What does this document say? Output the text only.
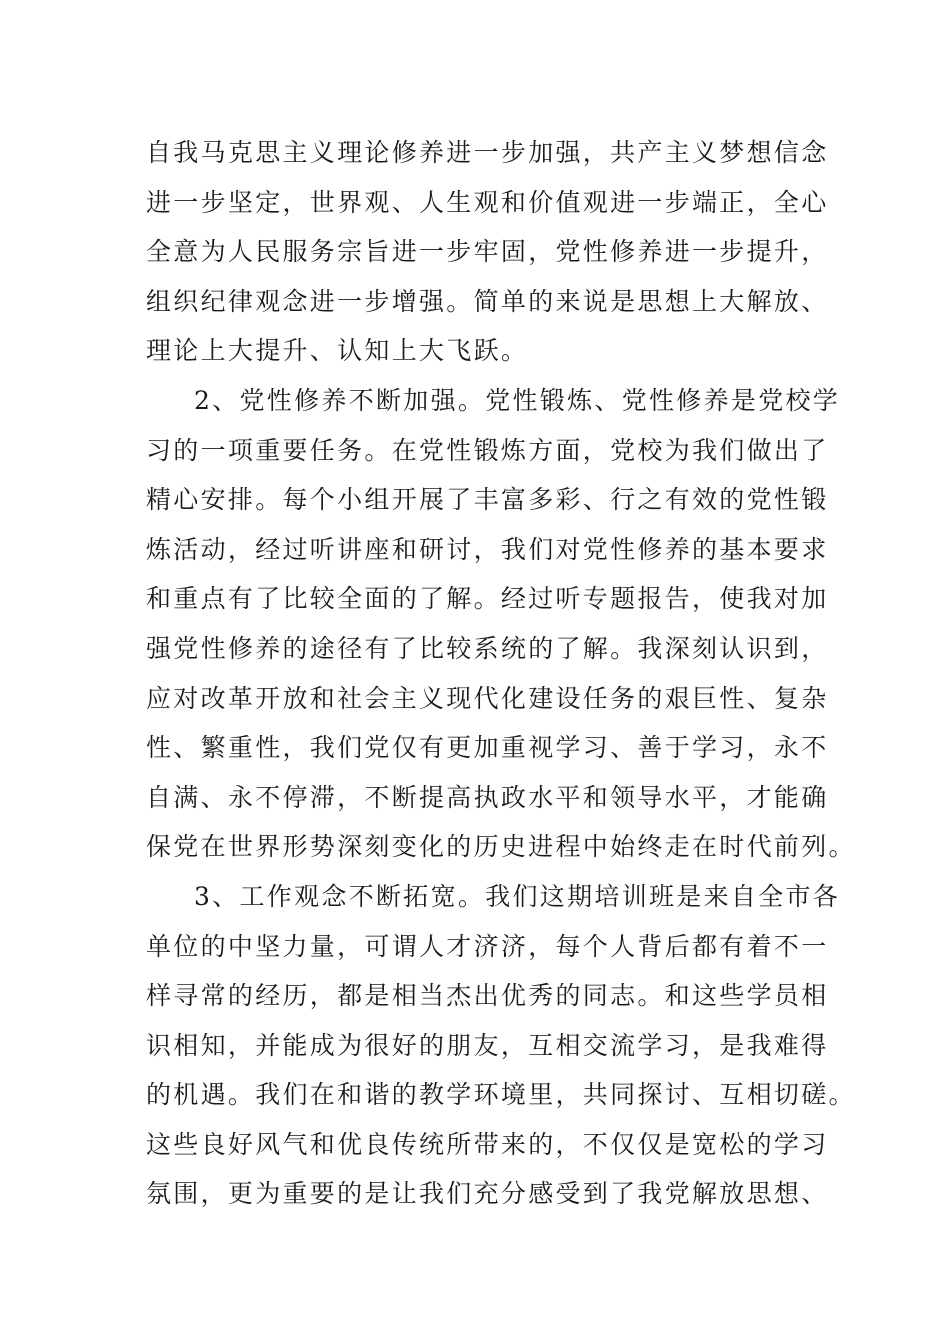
自我马克思主义理论修养进一步加强，共产主义梦想信念
进一步坚定，世界观、人生观和价值观进一步端正，全心
全意为人民服务宗旨进一步牢固，党性修养进一步提升，
组织纪律观念进一步增强。简单的来说是思想上大解放、
理论上大提升、认知上大飞跃。
2、党性修养不断加强。党性锻炼、党性修养是党校学
习的一项重要任务。在党性锻炼方面，党校为我们做出了
精心安排。每个小组开展了丰富多彩、行之有效的党性锻
炼活动，经过听讲座和研讨，我们对党性修养的基本要求
和重点有了比较全面的了解。经过听专题报告，使我对加
强党性修养的途径有了比较系统的了解。我深刻认识到，
应对改革开放和社会主义现代化建设任务的艰巨性、复杂
性、繁重性，我们党仅有更加重视学习、善于学习，永不
自满、永不停滞，不断提高执政水平和领导水平，才能确
保党在世界形势深刻变化的历史进程中始终走在时代前列。
3、工作观念不断拓宽。我们这期培训班是来自全市各
单位的中坚力量，可谓人才济济，每个人背后都有着不一
样寻常的经历，都是相当杰出优秀的同志。和这些学员相
识相知，并能成为很好的朋友，互相交流学习，是我难得
的机遇。我们在和谐的教学环境里，共同探讨、互相切磋。
这些良好风气和优良传统所带来的，不仅仅是宽松的学习
氛围，更为重要的是让我们充分感受到了我党解放思想、
